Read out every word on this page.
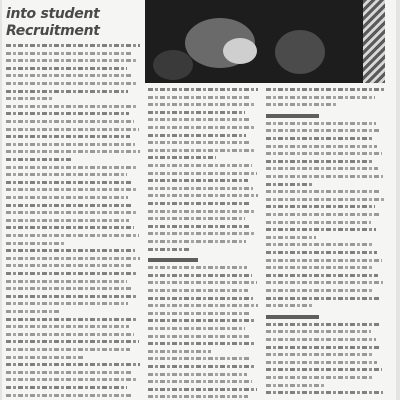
into student

Recruitment
